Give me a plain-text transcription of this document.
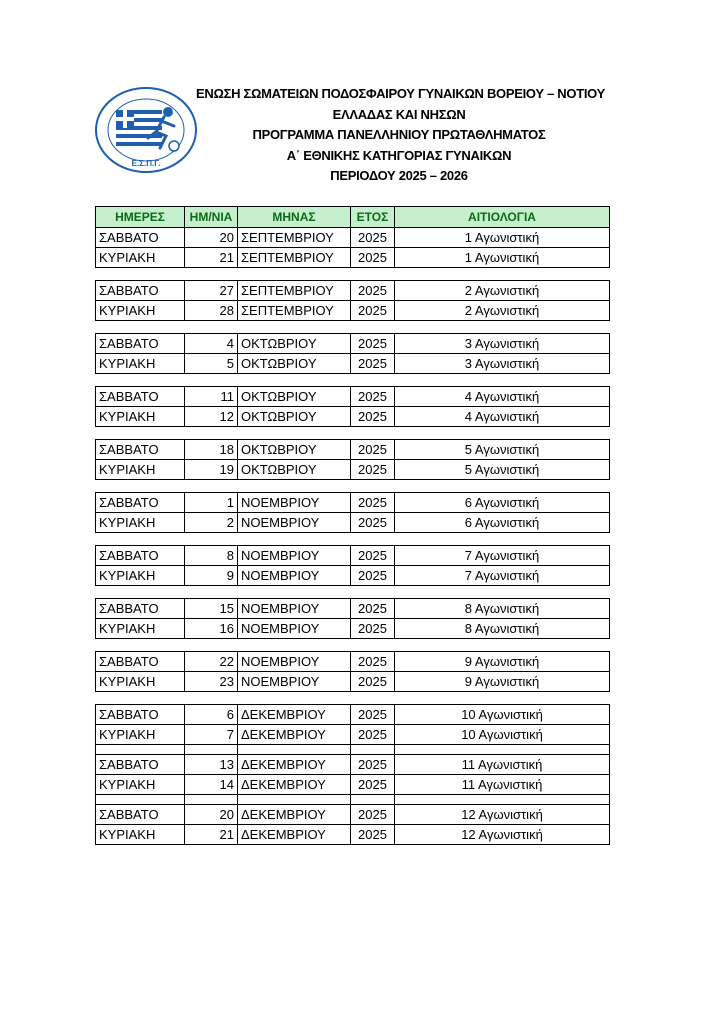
Ε.Σ.Π.Γ.
ΕΝΩΣΗ ΣΩΜΑΤΕΙΩΝ ΠΟΔΟΣΦΑΙΡΟΥ ΓΥΝΑΙΚΩΝ ΒΟΡΕΙΟΥ – ΝΟΤΙΟΥ
ΕΛΛΑΔΑΣ ΚΑΙ ΝΗΣΩΝ
ΠΡΟΓΡΑΜΜΑ ΠΑΝΕΛΛΗΝΙΟΥ ΠΡΩΤΑΘΛΗΜΑΤΟΣ
Α΄ ΕΘΝΙΚΗΣ ΚΑΤΗΓΟΡΙΑΣ ΓΥΝΑΙΚΩΝ
ΠΕΡΙΟΔΟΥ 2025 – 2026
ΗΜΕΡΕΣ	ΗΜ/ΝΙΑ	ΜΗΝΑΣ	ΕΤΟΣ	ΑΙΤΙΟΛΟΓΙΑ
ΣΑΒΒΑΤΟ	20	ΣΕΠΤΕΜΒΡΙΟΥ	2025	1 Αγωνιστική
ΚΥΡΙΑΚΗ	21	ΣΕΠΤΕΜΒΡΙΟΥ	2025	1 Αγωνιστική

ΣΑΒΒΑΤΟ	27	ΣΕΠΤΕΜΒΡΙΟΥ	2025	2 Αγωνιστική
ΚΥΡΙΑΚΗ	28	ΣΕΠΤΕΜΒΡΙΟΥ	2025	2 Αγωνιστική

ΣΑΒΒΑΤΟ	4	ΟΚΤΩΒΡΙΟΥ	2025	3 Αγωνιστική
ΚΥΡΙΑΚΗ	5	ΟΚΤΩΒΡΙΟΥ	2025	3 Αγωνιστική

ΣΑΒΒΑΤΟ	11	ΟΚΤΩΒΡΙΟΥ	2025	4 Αγωνιστική
ΚΥΡΙΑΚΗ	12	ΟΚΤΩΒΡΙΟΥ	2025	4 Αγωνιστική

ΣΑΒΒΑΤΟ	18	ΟΚΤΩΒΡΙΟΥ	2025	5 Αγωνιστική
ΚΥΡΙΑΚΗ	19	ΟΚΤΩΒΡΙΟΥ	2025	5 Αγωνιστική

ΣΑΒΒΑΤΟ	1	ΝΟΕΜΒΡΙΟΥ	2025	6 Αγωνιστική
ΚΥΡΙΑΚΗ	2	ΝΟΕΜΒΡΙΟΥ	2025	6 Αγωνιστική

ΣΑΒΒΑΤΟ	8	ΝΟΕΜΒΡΙΟΥ	2025	7 Αγωνιστική
ΚΥΡΙΑΚΗ	9	ΝΟΕΜΒΡΙΟΥ	2025	7 Αγωνιστική

ΣΑΒΒΑΤΟ	15	ΝΟΕΜΒΡΙΟΥ	2025	8 Αγωνιστική
ΚΥΡΙΑΚΗ	16	ΝΟΕΜΒΡΙΟΥ	2025	8 Αγωνιστική

ΣΑΒΒΑΤΟ	22	ΝΟΕΜΒΡΙΟΥ	2025	9 Αγωνιστική
ΚΥΡΙΑΚΗ	23	ΝΟΕΜΒΡΙΟΥ	2025	9 Αγωνιστική

ΣΑΒΒΑΤΟ	6	ΔΕΚΕΜΒΡΙΟΥ	2025	10 Αγωνιστική
ΚΥΡΙΑΚΗ	7	ΔΕΚΕΜΒΡΙΟΥ	2025	10 Αγωνιστική

ΣΑΒΒΑΤΟ	13	ΔΕΚΕΜΒΡΙΟΥ	2025	11 Αγωνιστική
ΚΥΡΙΑΚΗ	14	ΔΕΚΕΜΒΡΙΟΥ	2025	11 Αγωνιστική

ΣΑΒΒΑΤΟ	20	ΔΕΚΕΜΒΡΙΟΥ	2025	12 Αγωνιστική
ΚΥΡΙΑΚΗ	21	ΔΕΚΕΜΒΡΙΟΥ	2025	12 Αγωνιστική
